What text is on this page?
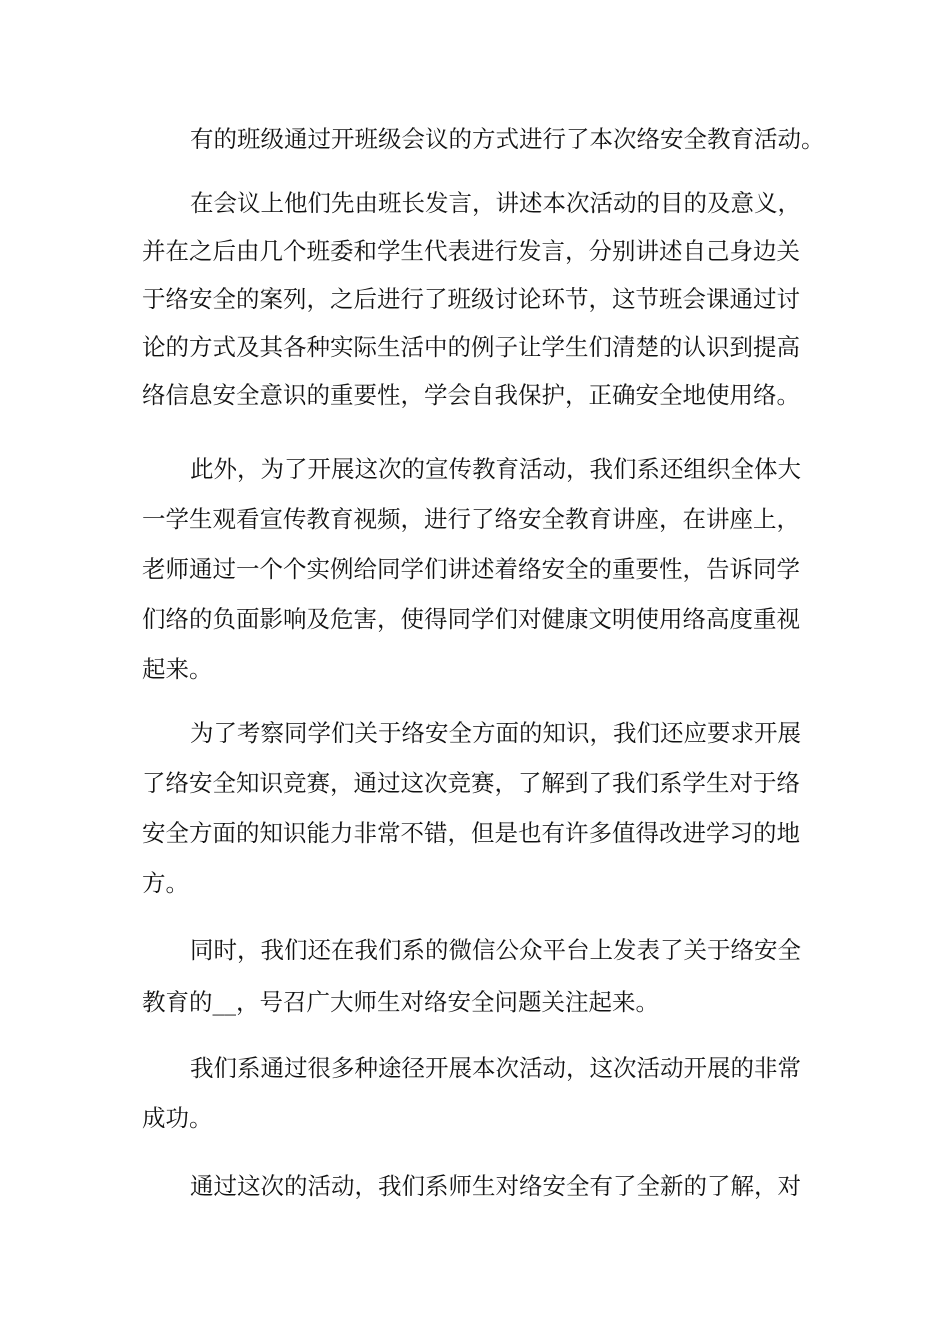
有的班级通过开班级会议的方式进行了本次络安全教育活动。
在会议上他们先由班长发言，讲述本次活动的目的及意义，
并在之后由几个班委和学生代表进行发言，分别讲述自己身边关
于络安全的案列，之后进行了班级讨论环节，这节班会课通过讨
论的方式及其各种实际生活中的例子让学生们清楚的认识到提高
络信息安全意识的重要性，学会自我保护，正确安全地使用络。
此外，为了开展这次的宣传教育活动，我们系还组织全体大
一学生观看宣传教育视频，进行了络安全教育讲座，在讲座上，
老师通过一个个实例给同学们讲述着络安全的重要性，告诉同学
们络的负面影响及危害，使得同学们对健康文明使用络高度重视
起来。
为了考察同学们关于络安全方面的知识，我们还应要求开展
了络安全知识竞赛，通过这次竞赛，了解到了我们系学生对于络
安全方面的知识能力非常不错，但是也有许多值得改进学习的地
方。
同时，我们还在我们系的微信公众平台上发表了关于络安全
教育的__，号召广大师生对络安全问题关注起来。
我们系通过很多种途径开展本次活动，这次活动开展的非常
成功。
通过这次的活动，我们系师生对络安全有了全新的了解，对
